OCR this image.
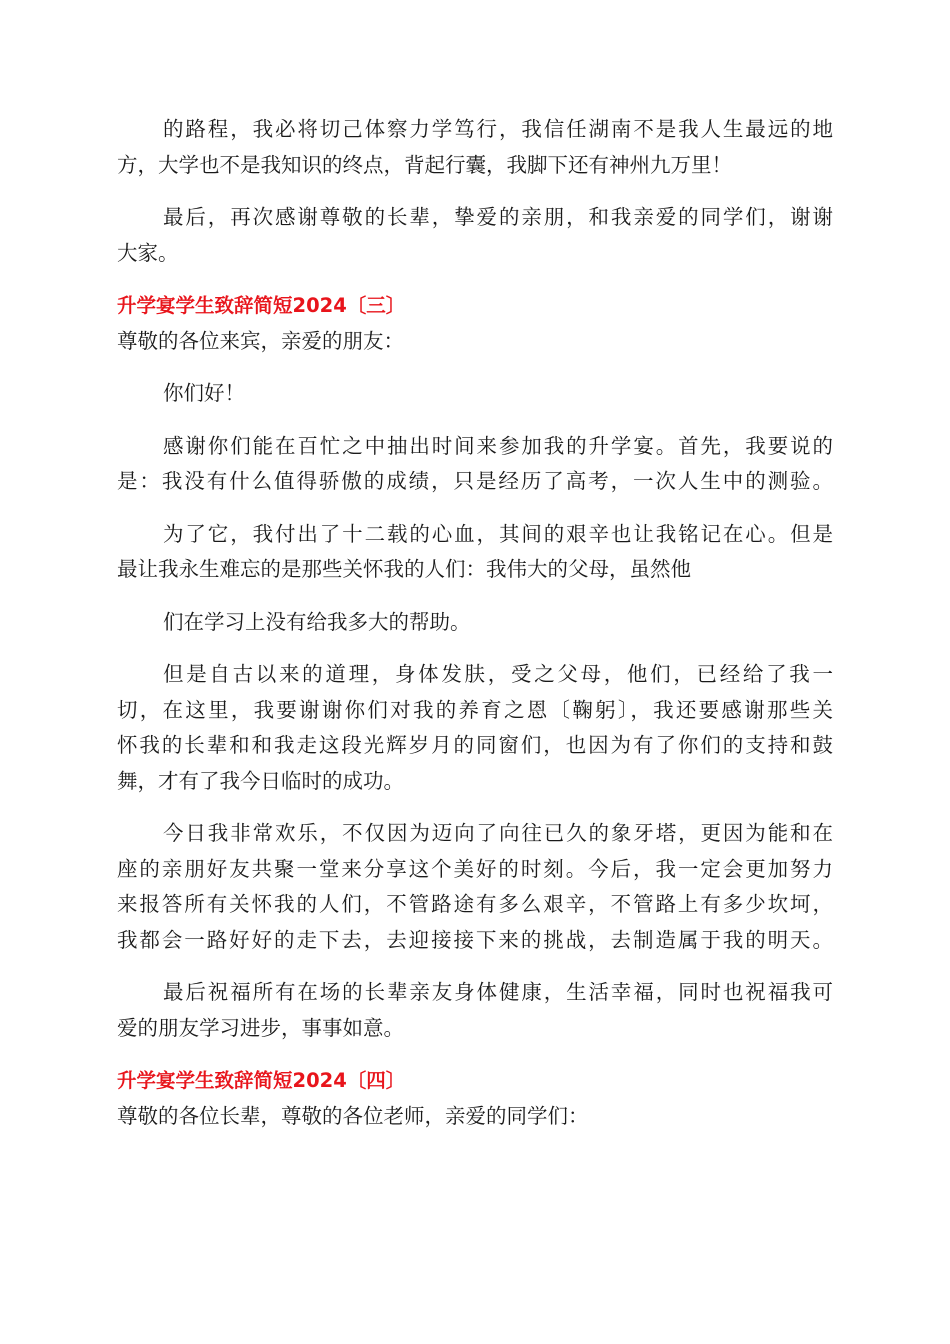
的路程，我必将切己体察力学笃行，我信任湖南不是我人生最远的地
方，大学也不是我知识的终点，背起行囊，我脚下还有神州九万里！

最后，再次感谢尊敬的长辈，挚爱的亲朋，和我亲爱的同学们，谢谢
大家。

升学宴学生致辞简短2024〔三〕

尊敬的各位来宾，亲爱的朋友：

你们好！

感谢你们能在百忙之中抽出时间来参加我的升学宴。首先，我要说的
是：我没有什么值得骄傲的成绩，只是经历了高考，一次人生中的测验。

为了它，我付出了十二载的心血，其间的艰辛也让我铭记在心。但是
最让我永生难忘的是那些关怀我的人们：我伟大的父母，虽然他

们在学习上没有给我多大的帮助。

但是自古以来的道理，身体发肤，受之父母，他们，已经给了我一
切，在这里，我要谢谢你们对我的养育之恩〔鞠躬〕，我还要感谢那些关
怀我的长辈和和我走这段光辉岁月的同窗们，也因为有了你们的支持和鼓
舞，才有了我今日临时的成功。

今日我非常欢乐，不仅因为迈向了向往已久的象牙塔，更因为能和在
座的亲朋好友共聚一堂来分享这个美好的时刻。今后，我一定会更加努力
来报答所有关怀我的人们，不管路途有多么艰辛，不管路上有多少坎坷，
我都会一路好好的走下去，去迎接接下来的挑战，去制造属于我的明天。

最后祝福所有在场的长辈亲友身体健康，生活幸福，同时也祝福我可
爱的朋友学习进步，事事如意。

升学宴学生致辞简短2024〔四〕

尊敬的各位长辈，尊敬的各位老师，亲爱的同学们：
